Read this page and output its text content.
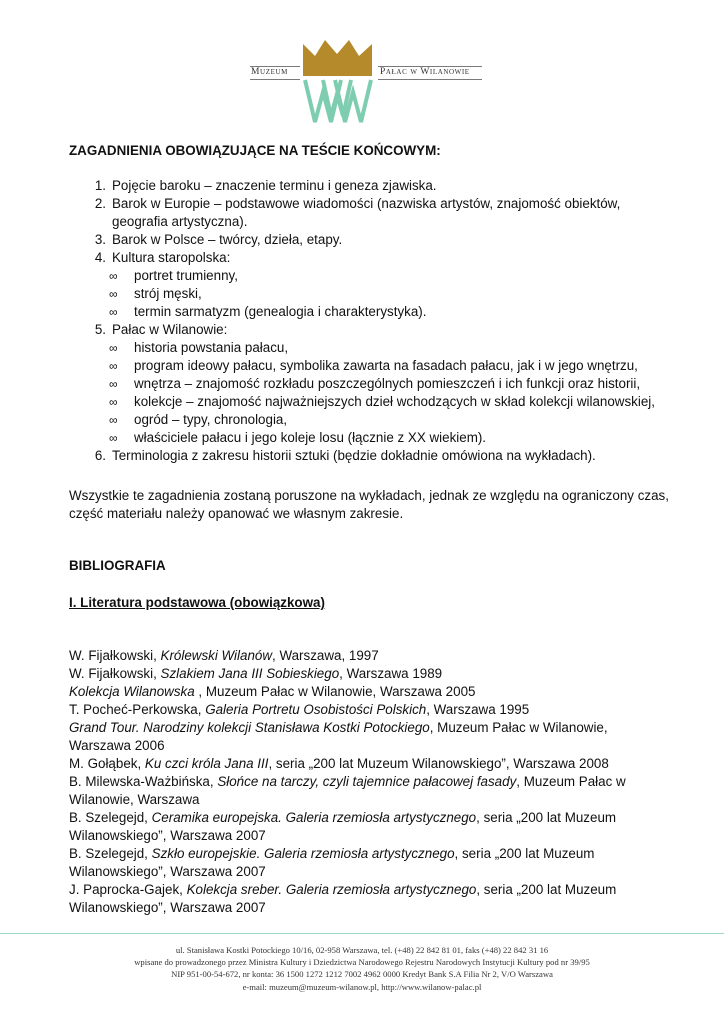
Muzeum	Pałac w Wilanowie
ZAGADNIENIA OBOWIĄZUJĄCE NA TEŚCIE KOŃCOWYM:
1. Pojęcie baroku – znaczenie terminu i geneza zjawiska.
2. Barok w Europie – podstawowe wiadomości (nazwiska artystów, znajomość obiektów, geografia artystyczna).
3. Barok w Polsce – twórcy, dzieła, etapy.
4. Kultura staropolska:
∞	portret trumienny,
∞	strój męski,
∞	termin sarmatyzm (genealogia i charakterystyka).
5. Pałac w Wilanowie:
∞	historia powstania pałacu,
∞	program ideowy pałacu, symbolika zawarta na fasadach pałacu, jak i w jego wnętrzu,
∞	wnętrza – znajomość rozkładu poszczególnych pomieszczeń i ich funkcji oraz historii,
∞	kolekcje – znajomość najważniejszych dzieł wchodzących w skład kolekcji wilanowskiej,
∞	ogród – typy, chronologia,
∞	właściciele pałacu i jego koleje losu (łącznie z XX wiekiem).
6. Terminologia z zakresu historii sztuki (będzie dokładnie omówiona na wykładach).
Wszystkie te zagadnienia zostaną poruszone na wykładach, jednak ze względu na ograniczony czas, część materiału należy opanować we własnym zakresie.
BIBLIOGRAFIA
I. Literatura podstawowa (obowiązkowa)
W. Fijałkowski, Królewski Wilanów, Warszawa, 1997
W. Fijałkowski, Szlakiem Jana III Sobieskiego, Warszawa 1989
Kolekcja Wilanowska , Muzeum Pałac w Wilanowie, Warszawa 2005
T. Pocheć-Perkowska, Galeria Portretu Osobistości Polskich, Warszawa 1995
Grand Tour. Narodziny kolekcji Stanisława Kostki Potockiego, Muzeum Pałac w Wilanowie, Warszawa 2006
M. Gołąbek, Ku czci króla Jana III, seria „200 lat Muzeum Wilanowskiego”, Warszawa 2008
B. Milewska-Ważbińska, Słońce na tarczy, czyli tajemnice pałacowej fasady, Muzeum Pałac w Wilanowie, Warszawa
B. Szelegejd, Ceramika europejska. Galeria rzemiosła artystycznego, seria „200 lat Muzeum Wilanowskiego”, Warszawa 2007
B. Szelegejd, Szkło europejskie. Galeria rzemiosła artystycznego, seria „200 lat Muzeum Wilanowskiego”, Warszawa 2007
J. Paprocka-Gajek, Kolekcja sreber. Galeria rzemiosła artystycznego, seria „200 lat Muzeum Wilanowskiego”, Warszawa 2007
ul. Stanisława Kostki Potockiego 10/16, 02-958 Warszawa, tel. (+48) 22 842 81 01, faks (+48) 22 842 31 16
wpisane do prowadzonego przez Ministra Kultury i Dziedzictwa Narodowego Rejestru Narodowych Instytucji Kultury pod nr 39/95
NIP 951-00-54-672, nr konta: 36 1500 1272 1212 7002 4962 0000 Kredyt Bank S.A Filia Nr 2, V/O Warszawa
e-mail: muzeum@muzeum-wilanow.pl, http://www.wilanow-palac.pl
